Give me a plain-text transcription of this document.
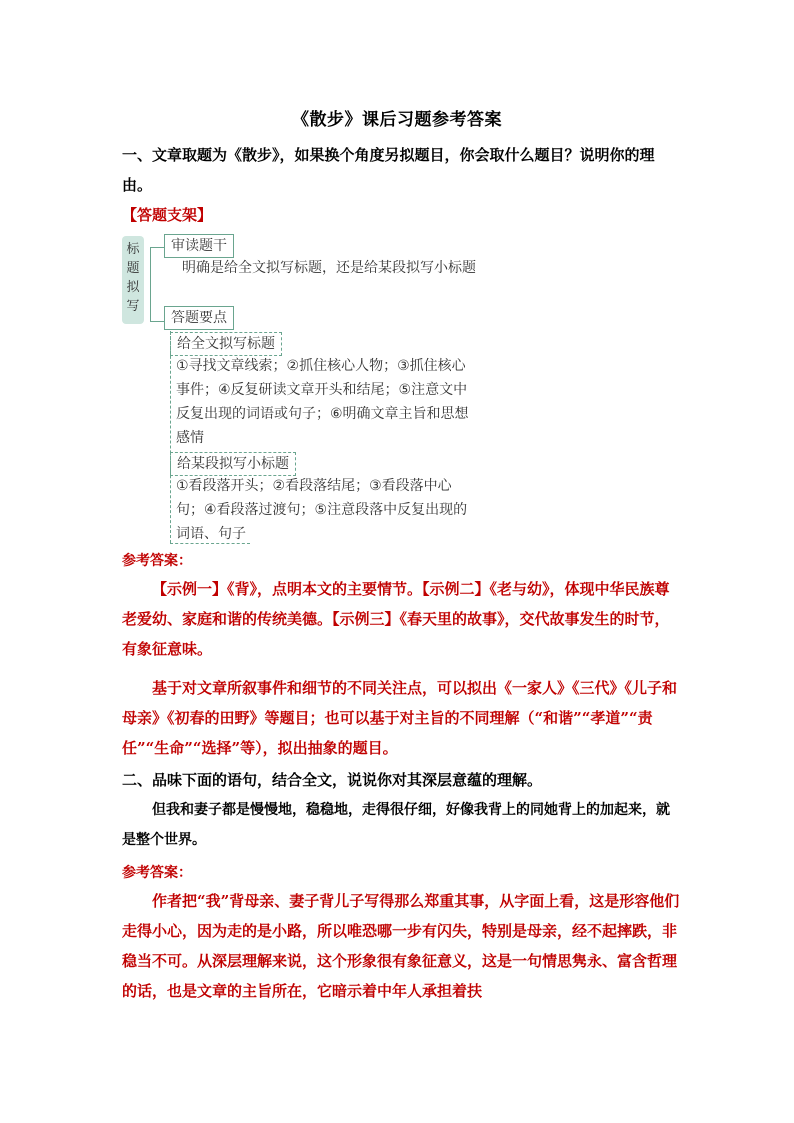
《散步》课后习题参考答案
一、文章取题为《散步》，如果换个角度另拟题目，你会取什么题目？说明你的理由。
【答题支架】
标题拟写
审读题干
明确是给全文拟写标题，还是给某段拟写小标题
答题要点
给全文拟写标题
①寻找文章线索；②抓住核心人物；③抓住核心事件；④反复研读文章开头和结尾；⑤注意文中反复出现的词语或句子；⑥明确文章主旨和思想感情
给某段拟写小标题
①看段落开头；②看段落结尾；③看段落中心句；④看段落过渡句；⑤注意段落中反复出现的词语、句子
参考答案：
【示例一】《背》，点明本文的主要情节。【示例二】《老与幼》，体现中华民族尊老爱幼、家庭和谐的传统美德。【示例三】《春天里的故事》，交代故事发生的时节，有象征意味。
基于对文章所叙事件和细节的不同关注点，可以拟出《一家人》《三代》《儿子和母亲》《初春的田野》等题目；也可以基于对主旨的不同理解（“和谐”“孝道”“责任”“生命”“选择”等），拟出抽象的题目。
二、品味下面的语句，结合全文，说说你对其深层意蕴的理解。
但我和妻子都是慢慢地，稳稳地，走得很仔细，好像我背上的同她背上的加起来，就是整个世界。
参考答案：
作者把“我”背母亲、妻子背儿子写得那么郑重其事，从字面上看，这是形容他们走得小心，因为走的是小路，所以唯恐哪一步有闪失，特别是母亲，经不起摔跌，非稳当不可。从深层理解来说，这个形象很有象征意义，这是一句情思隽永、富含哲理的话，也是文章的主旨所在，它暗示着中年人承担着扶
